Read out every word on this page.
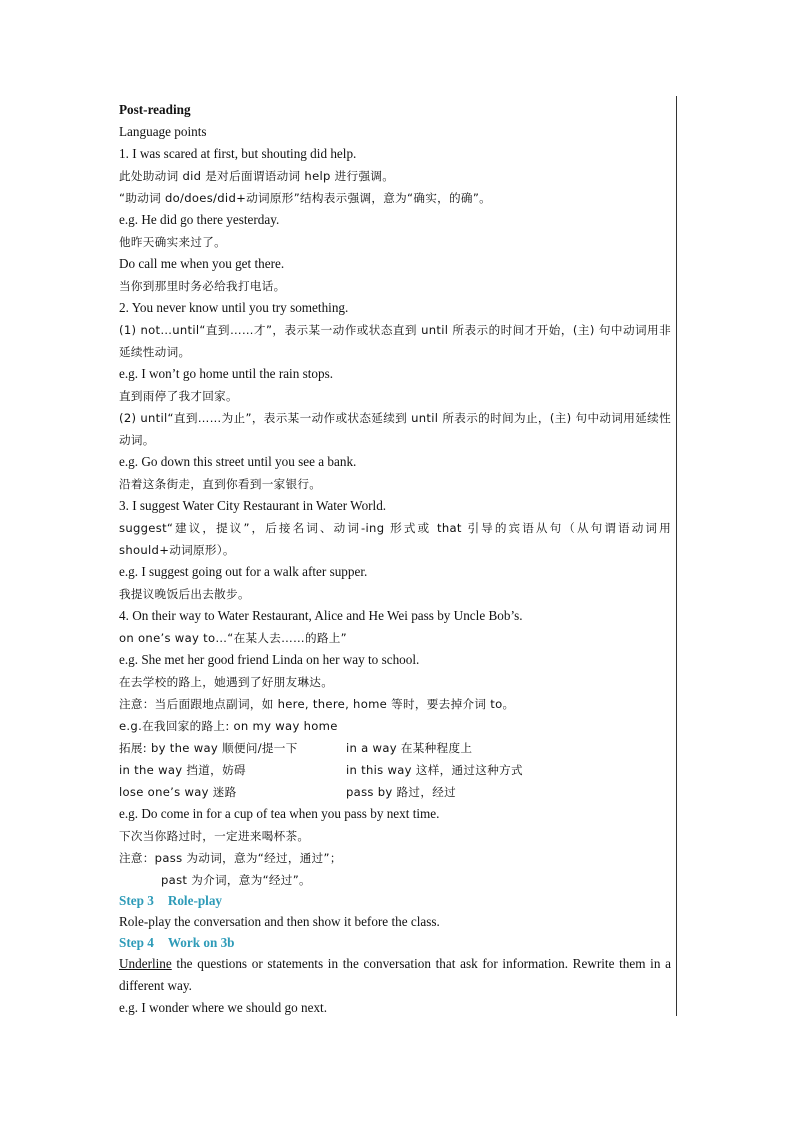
Post-reading
Language points
1. I was scared at first, but shouting did help.
此处助动词 did 是对后面谓语动词 help 进行强调。
“助动词 do/does/did+动词原形”结构表示强调，意为“确实，的确”。
e.g. He did go there yesterday.
他昨天确实来过了。
Do call me when you get there.
当你到那里时务必给我打电话。
2. You never know until you try something.
(1) not…until“直到……才”，表示某一动作或状态直到 until 所表示的时间才开始，(主) 句中动词用非延续性动词。
e.g. I won’t go home until the rain stops.
直到雨停了我才回家。
(2) until“直到……为止”，表示某一动作或状态延续到 until 所表示的时间为止，(主) 句中动词用延续性动词。
e.g. Go down this street until you see a bank.
沿着这条街走，直到你看到一家银行。
3. I suggest Water City Restaurant in Water World.
suggest“建议，提议”，后接名词、动词-ing 形式或 that 引导的宾语从句（从句谓语动词用 should+动词原形）。
e.g. I suggest going out for a walk after supper.
我提议晚饭后出去散步。
4. On their way to Water Restaurant, Alice and He Wei pass by Uncle Bob’s.
on one’s way to…“在某人去……的路上”
e.g. She met her good friend Linda on her way to school.
在去学校的路上，她遇到了好朋友琳达。
注意：当后面跟地点副词，如 here, there, home 等时，要去掉介词 to。
e.g.在我回家的路上: on my way home
拓展: by the way 顺便问/提一下	in a way 在某种程度上
in the way 挡道，妨碍	in this way 这样，通过这种方式
lose one’s way 迷路	pass by 路过，经过
e.g. Do come in for a cup of tea when you pass by next time.
下次当你路过时，一定进来喝杯茶。
注意：pass 为动词，意为“经过，通过”；
past 为介词，意为“经过”。
Step 3 Role-play
Role-play the conversation and then show it before the class.
Step 4 Work on 3b
Underline the questions or statements in the conversation that ask for information. Rewrite them in a different way.
e.g. I wonder where we should go next.
